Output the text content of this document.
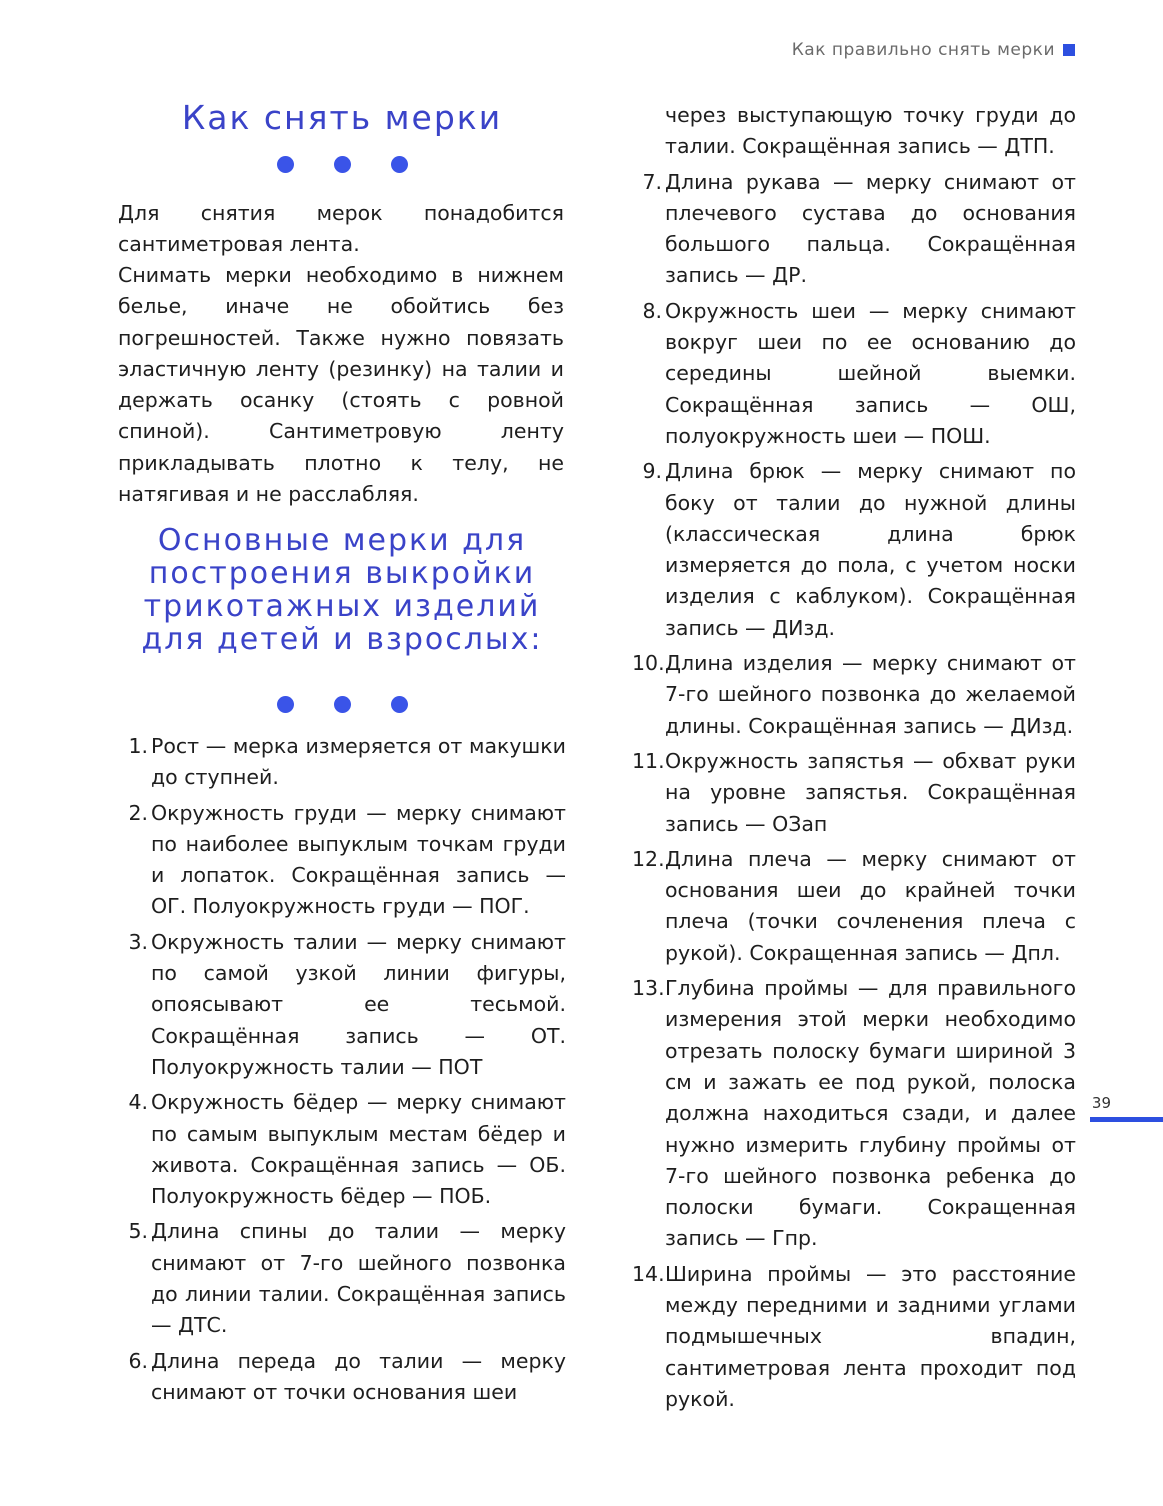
Как правильно снять мерки
Как снять мерки

Для снятия мерок понадобится сантиметровая лента.

Снимать мерки необходимо в нижнем белье, иначе не обойтись без погрешностей. Также нужно повязать эластичную ленту (резинку) на талии и держать осанку (стоять с ровной спиной). Сантиметровую ленту прикладывать плотно к телу, не натягивая и не расслабляя.

Основные мерки для
построения выкройки
трикотажных изделий
для детей и взрослых:
1. Рост — мерка измеряется от макушки до ступней.
2. Окружность груди — мерку снимают по наиболее выпуклым точкам груди и лопаток. Сокращённая запись — ОГ. Полуокружность груди — ПОГ.
3. Окружность талии — мерку снимают по самой узкой линии фигуры, опоясывают ее тесьмой. Сокращённая запись — ОТ. Полуокружность талии — ПОТ
4. Окружность бёдер — мерку снимают по самым выпуклым местам бёдер и живота. Сокращённая запись — ОБ. Полуокружность бёдер — ПОБ.
5. Длина спины до талии — мерку снимают от 7-го шейного позвонка до линии талии. Сокращённая запись — ДТС.
6. Длина переда до талии — мерку снимают от точки основания шеи
через выступающую точку груди до талии. Сокращённая запись — ДТП.
7. Длина рукава — мерку снимают от плечевого сустава до основания большого пальца. Сокращённая запись — ДР.
8. Окружность шеи — мерку снимают вокруг шеи по ее основанию до середины шейной выемки. Сокращённая запись — ОШ, полуокружность шеи — ПОШ.
9. Длина брюк — мерку снимают по боку от талии до нужной длины (классическая длина брюк измеряется до пола, с учетом носки изделия с каблуком). Сокращённая запись — ДИзд.
10. Длина изделия — мерку снимают от 7-го шейного позвонка до желаемой длины. Сокращённая запись — ДИзд.
11. Окружность запястья — обхват руки на уровне запястья. Сокращённая запись — ОЗап
12. Длина плеча — мерку снимают от основания шеи до крайней точки плеча (точки сочленения плеча с рукой). Сокращенная запись — Дпл.
13. Глубина проймы — для правильного измерения этой мерки необходимо отрезать полоску бумаги шириной 3 см и зажать ее под рукой, полоска должна находиться сзади, и далее нужно измерить глубину проймы от 7-го шейного позвонка ребенка до полоски бумаги. Сокращенная запись — Гпр.
14. Ширина проймы — это расстояние между передними и задними углами подмышечных впадин, сантиметровая лента проходит под рукой.
39
